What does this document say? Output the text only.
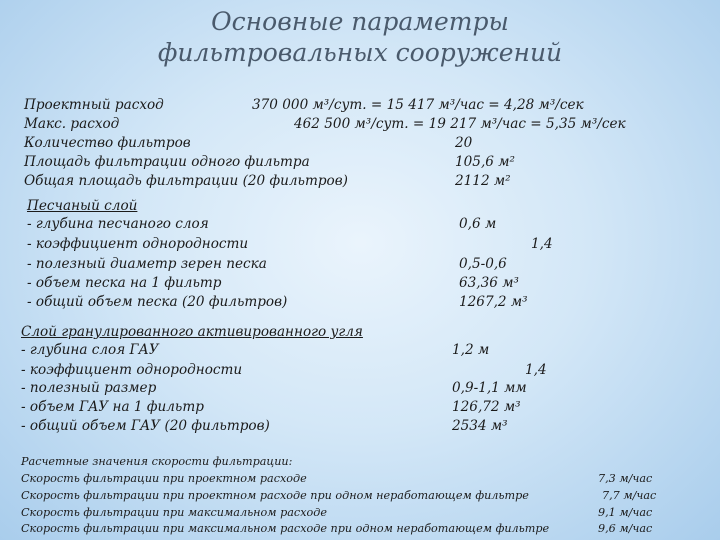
Основные параметры
фильтровальных сооружений
Проектный расход	370 000 м³/сут. = 15 417 м³/час = 4,28 м³/сек
Макс. расход	462 500 м³/сут. = 19 217 м³/час = 5,35 м³/сек
Количество фильтров	20
Площадь фильтрации одного фильтра	105,6 м²
Общая площадь фильтрации (20 фильтров)	2112 м²
Песчаный слой
- глубина песчаного слоя	0,6 м
- коэффициент однородности	1,4
- полезный диаметр зерен песка	0,5-0,6
- объем песка на 1 фильтр	63,36 м³
- общий объем песка (20 фильтров)	1267,2 м³
Слой гранулированного активированного угля
- глубина слоя ГАУ	1,2 м
- коэффициент однородности	1,4
- полезный размер	0,9-1,1 мм
- объем ГАУ на 1 фильтр	126,72 м³
- общий объем ГАУ (20 фильтров)	2534 м³
Расчетные значения скорости фильтрации:
Скорость фильтрации при проектном расходе	7,3 м/час
Скорость фильтрации при проектном расходе при одном неработающем фильтре	7,7 м/час
Скорость фильтрации при максимальном расходе	9,1 м/час
Скорость фильтрации при максимальном расходе при одном неработающем фильтре	9,6 м/час
